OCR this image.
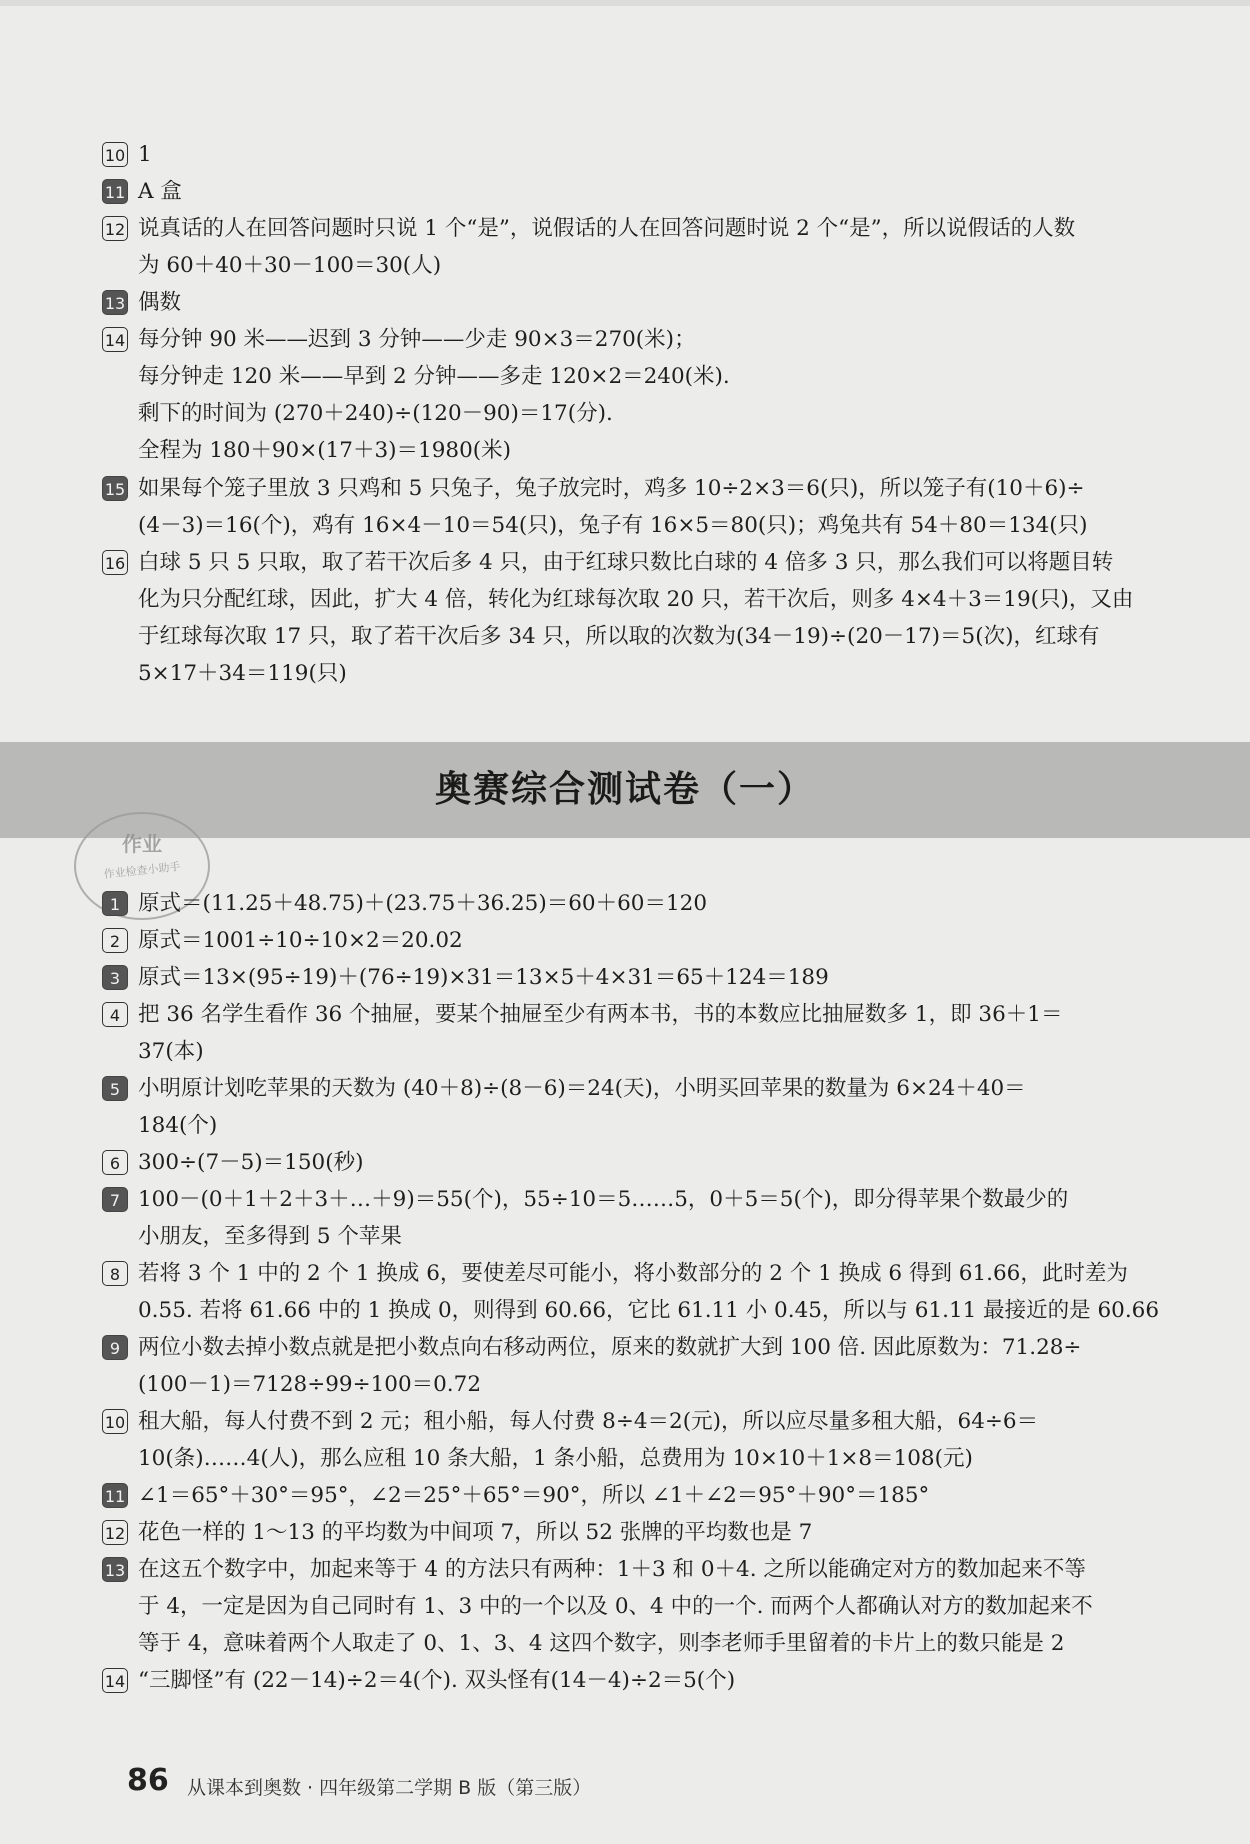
10 1
11 A 盒
12 说真话的人在回答问题时只说 1 个“是”，说假话的人在回答问题时说 2 个“是”，所以说假话的人数
为 60＋40＋30－100＝30(人)
13 偶数
14 每分钟 90 米——迟到 3 分钟——少走 90×3＝270(米)；
每分钟走 120 米——早到 2 分钟——多走 120×2＝240(米).
剩下的时间为 (270＋240)÷(120－90)＝17(分).
全程为 180＋90×(17＋3)＝1980(米)
15 如果每个笼子里放 3 只鸡和 5 只兔子，兔子放完时，鸡多 10÷2×3＝6(只)，所以笼子有(10＋6)÷
(4－3)＝16(个)，鸡有 16×4－10＝54(只)，兔子有 16×5＝80(只)；鸡兔共有 54＋80＝134(只)
16 白球 5 只 5 只取，取了若干次后多 4 只，由于红球只数比白球的 4 倍多 3 只，那么我们可以将题目转
化为只分配红球，因此，扩大 4 倍，转化为红球每次取 20 只，若干次后，则多 4×4＋3＝19(只)，又由
于红球每次取 17 只，取了若干次后多 34 只，所以取的次数为(34－19)÷(20－17)＝5(次)，红球有
5×17＋34＝119(只)
奥赛综合测试卷（一）
作业
作业检查小助手
1 原式＝(11.25＋48.75)＋(23.75＋36.25)＝60＋60＝120
2 原式＝1001÷10÷10×2＝20.02
3 原式＝13×(95÷19)＋(76÷19)×31＝13×5＋4×31＝65＋124＝189
4 把 36 名学生看作 36 个抽屉，要某个抽屉至少有两本书，书的本数应比抽屉数多 1，即 36＋1＝
37(本)
5 小明原计划吃苹果的天数为 (40＋8)÷(8－6)＝24(天)，小明买回苹果的数量为 6×24＋40＝
184(个)
6 300÷(7－5)＝150(秒)
7 100－(0＋1＋2＋3＋…＋9)＝55(个)，55÷10＝5……5，0＋5＝5(个)，即分得苹果个数最少的
小朋友，至多得到 5 个苹果
8 若将 3 个 1 中的 2 个 1 换成 6，要使差尽可能小，将小数部分的 2 个 1 换成 6 得到 61.66，此时差为
0.55. 若将 61.66 中的 1 换成 0，则得到 60.66，它比 61.11 小 0.45，所以与 61.11 最接近的是 60.66
9 两位小数去掉小数点就是把小数点向右移动两位，原来的数就扩大到 100 倍. 因此原数为：71.28÷
(100－1)＝7128÷99÷100＝0.72
10 租大船，每人付费不到 2 元；租小船，每人付费 8÷4＝2(元)，所以应尽量多租大船，64÷6＝
10(条)……4(人)，那么应租 10 条大船，1 条小船，总费用为 10×10＋1×8＝108(元)
11 ∠1＝65°＋30°＝95°，∠2＝25°＋65°＝90°，所以 ∠1＋∠2＝95°＋90°＝185°
12 花色一样的 1～13 的平均数为中间项 7，所以 52 张牌的平均数也是 7
13 在这五个数字中，加起来等于 4 的方法只有两种：1＋3 和 0＋4. 之所以能确定对方的数加起来不等
于 4，一定是因为自己同时有 1、3 中的一个以及 0、4 中的一个. 而两个人都确认对方的数加起来不
等于 4，意味着两个人取走了 0、1、3、4 这四个数字，则李老师手里留着的卡片上的数只能是 2
14 “三脚怪”有 (22－14)÷2＝4(个). 双头怪有(14－4)÷2＝5(个)
86 从课本到奥数 · 四年级第二学期 B 版（第三版）
